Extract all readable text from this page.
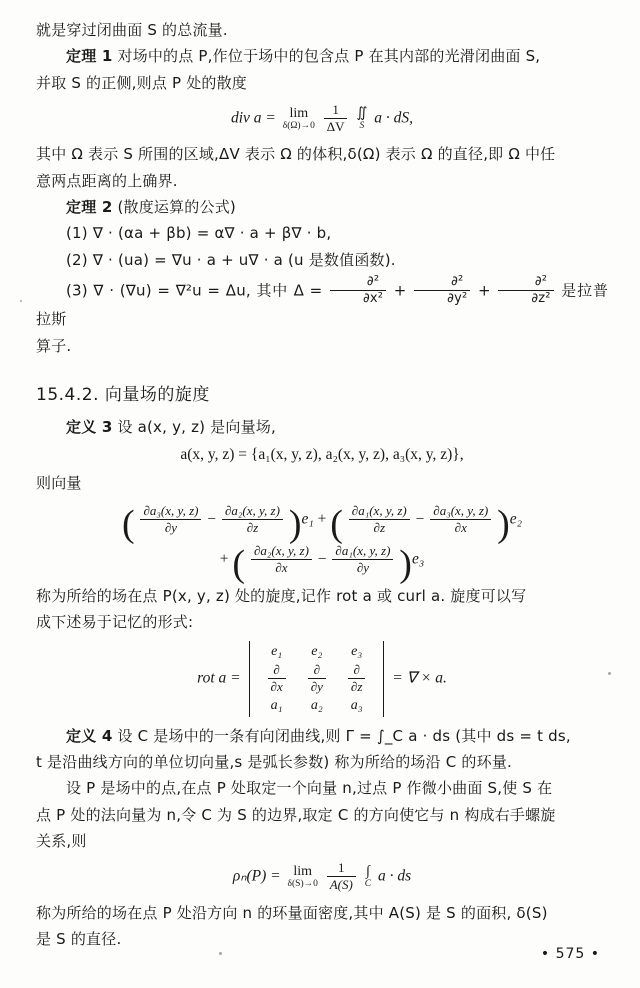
就是穿过闭曲面 S 的总流量.

定理 1 对场中的点 P,作位于场中的包含点 P 在其内部的光滑闭曲面 S,

并取 S 的正侧,则点 P 处的散度

div a = lim
δ(Ω)→0
$\frac{1}{\Delta V}$
∬
S a · dS,

其中 Ω 表示 S 所围的区域,ΔV 表示 Ω 的体积,δ(Ω) 表示 Ω 的直径,即 Ω 中任

意两点距离的上确界.

定理 2 (散度运算的公式)

(1) ∇ · (αa + βb) = α∇ · a + β∇ · b,

(2) ∇ · (ua) = ∇u · a + u∇ · a (u 是数值函数).

(3) ∇ · (∇u) = ∇²u = Δu, 其中 $\Delta = \frac{\text{∂²}}{\text{∂x²}} + \frac{\text{∂²}}{\text{∂y²}} + \frac{\text{∂²}}{\text{∂z²}}$ 是拉普拉斯

算子.

15.4.2. 向量场的旋度

定义 3 设 a(x, y, z) 是向量场,

a(x, y, z) = {a₁(x, y, z), a₂(x, y, z), a₃(x, y, z)},

则向量

( $\frac{\text{∂a₃(x, y, z)}}{\partial y} - \frac{\text{∂a₂(x, y, z)}}{\partial z} )e_1$ + ( $\frac{\text{∂a₁(x, y, z)}}{\partial z} - \frac{\text{∂a₃(x, y, z)}}{\partial x} )e_2$
+ ( $\frac{\text{∂a₂(x, y, z)}}{\partial x} - \frac{\text{∂a₁(x, y, z)}}{\partial y} )e_3$

称为所给的场在点 P(x, y, z) 处的旋度,记作 rot a 或 curl a. 旋度可以写

成下述易于记忆的形式:

rot a =
e₁	e₂	e₃

$\frac{\partial}{\partial x}$	$\frac{\partial}{\partial y}$	$\frac{\partial}{\partial z}$

a₁	a₂	a₃
= ∇ × a.

定义 4 设 C 是场中的一条有向闭曲线,则 Γ = ∫_C a · ds (其中 ds = t ds,

t 是沿曲线方向的单位切向量,s 是弧长参数) 称为所给的场沿 C 的环量.

设 P 是场中的点,在点 P 处取定一个向量 n,过点 P 作微小曲面 S,使 S 在

点 P 处的法向量为 n,令 C 为 S 的边界,取定 C 的方向使它与 n 构成右手螺旋

关系,则

ρₙ(P) = lim
δ(S)→0
$\frac{1}{A(S)}$
∫
C a · ds

称为所给的场在点 P 处沿方向 n 的环量面密度,其中 A(S) 是 S 的面积, δ(S)

是 S 的直径.

• 575 •
